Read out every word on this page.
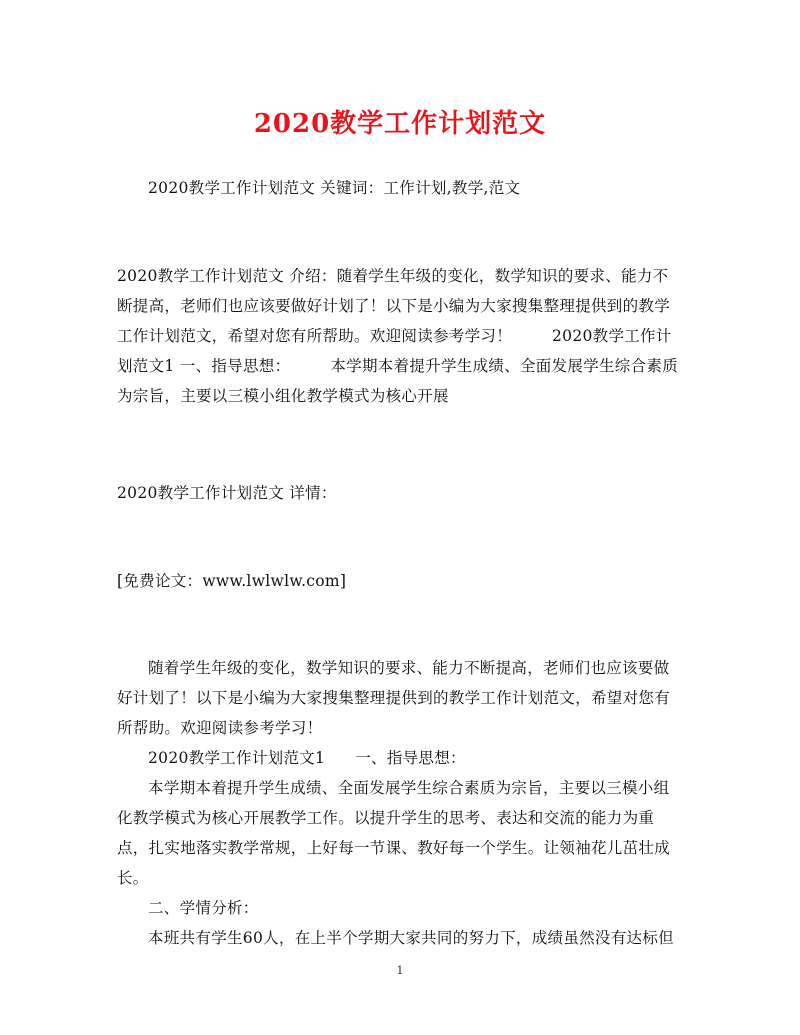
2020教学工作计划范文
2020教学工作计划范文 关键词：工作计划,教学,范文
2020教学工作计划范文 介绍：随着学生年级的变化，数学知识的要求、能力不断提高，老师们也应该要做好计划了！以下是小编为大家搜集整理提供到的教学工作计划范文，希望对您有所帮助。欢迎阅读参考学习！	2020教学工作计划范文1 一、指导思想：	本学期本着提升学生成绩、全面发展学生综合素质为宗旨，主要以三模小组化教学模式为核心开展
2020教学工作计划范文 详情：
[免费论文：www.lwlwlw.com]
随着学生年级的变化，数学知识的要求、能力不断提高，老师们也应该要做好计划了！以下是小编为大家搜集整理提供到的教学工作计划范文，希望对您有所帮助。欢迎阅读参考学习！
2020教学工作计划范文1 一、指导思想：
本学期本着提升学生成绩、全面发展学生综合素质为宗旨，主要以三模小组化教学模式为核心开展教学工作。以提升学生的思考、表达和交流的能力为重点，扎实地落实教学常规，上好每一节课、教好每一个学生。让领袖花儿茁壮成长。
二、学情分析：
本班共有学生60人，在上半个学期大家共同的努力下，成绩虽然没有达标但
1
